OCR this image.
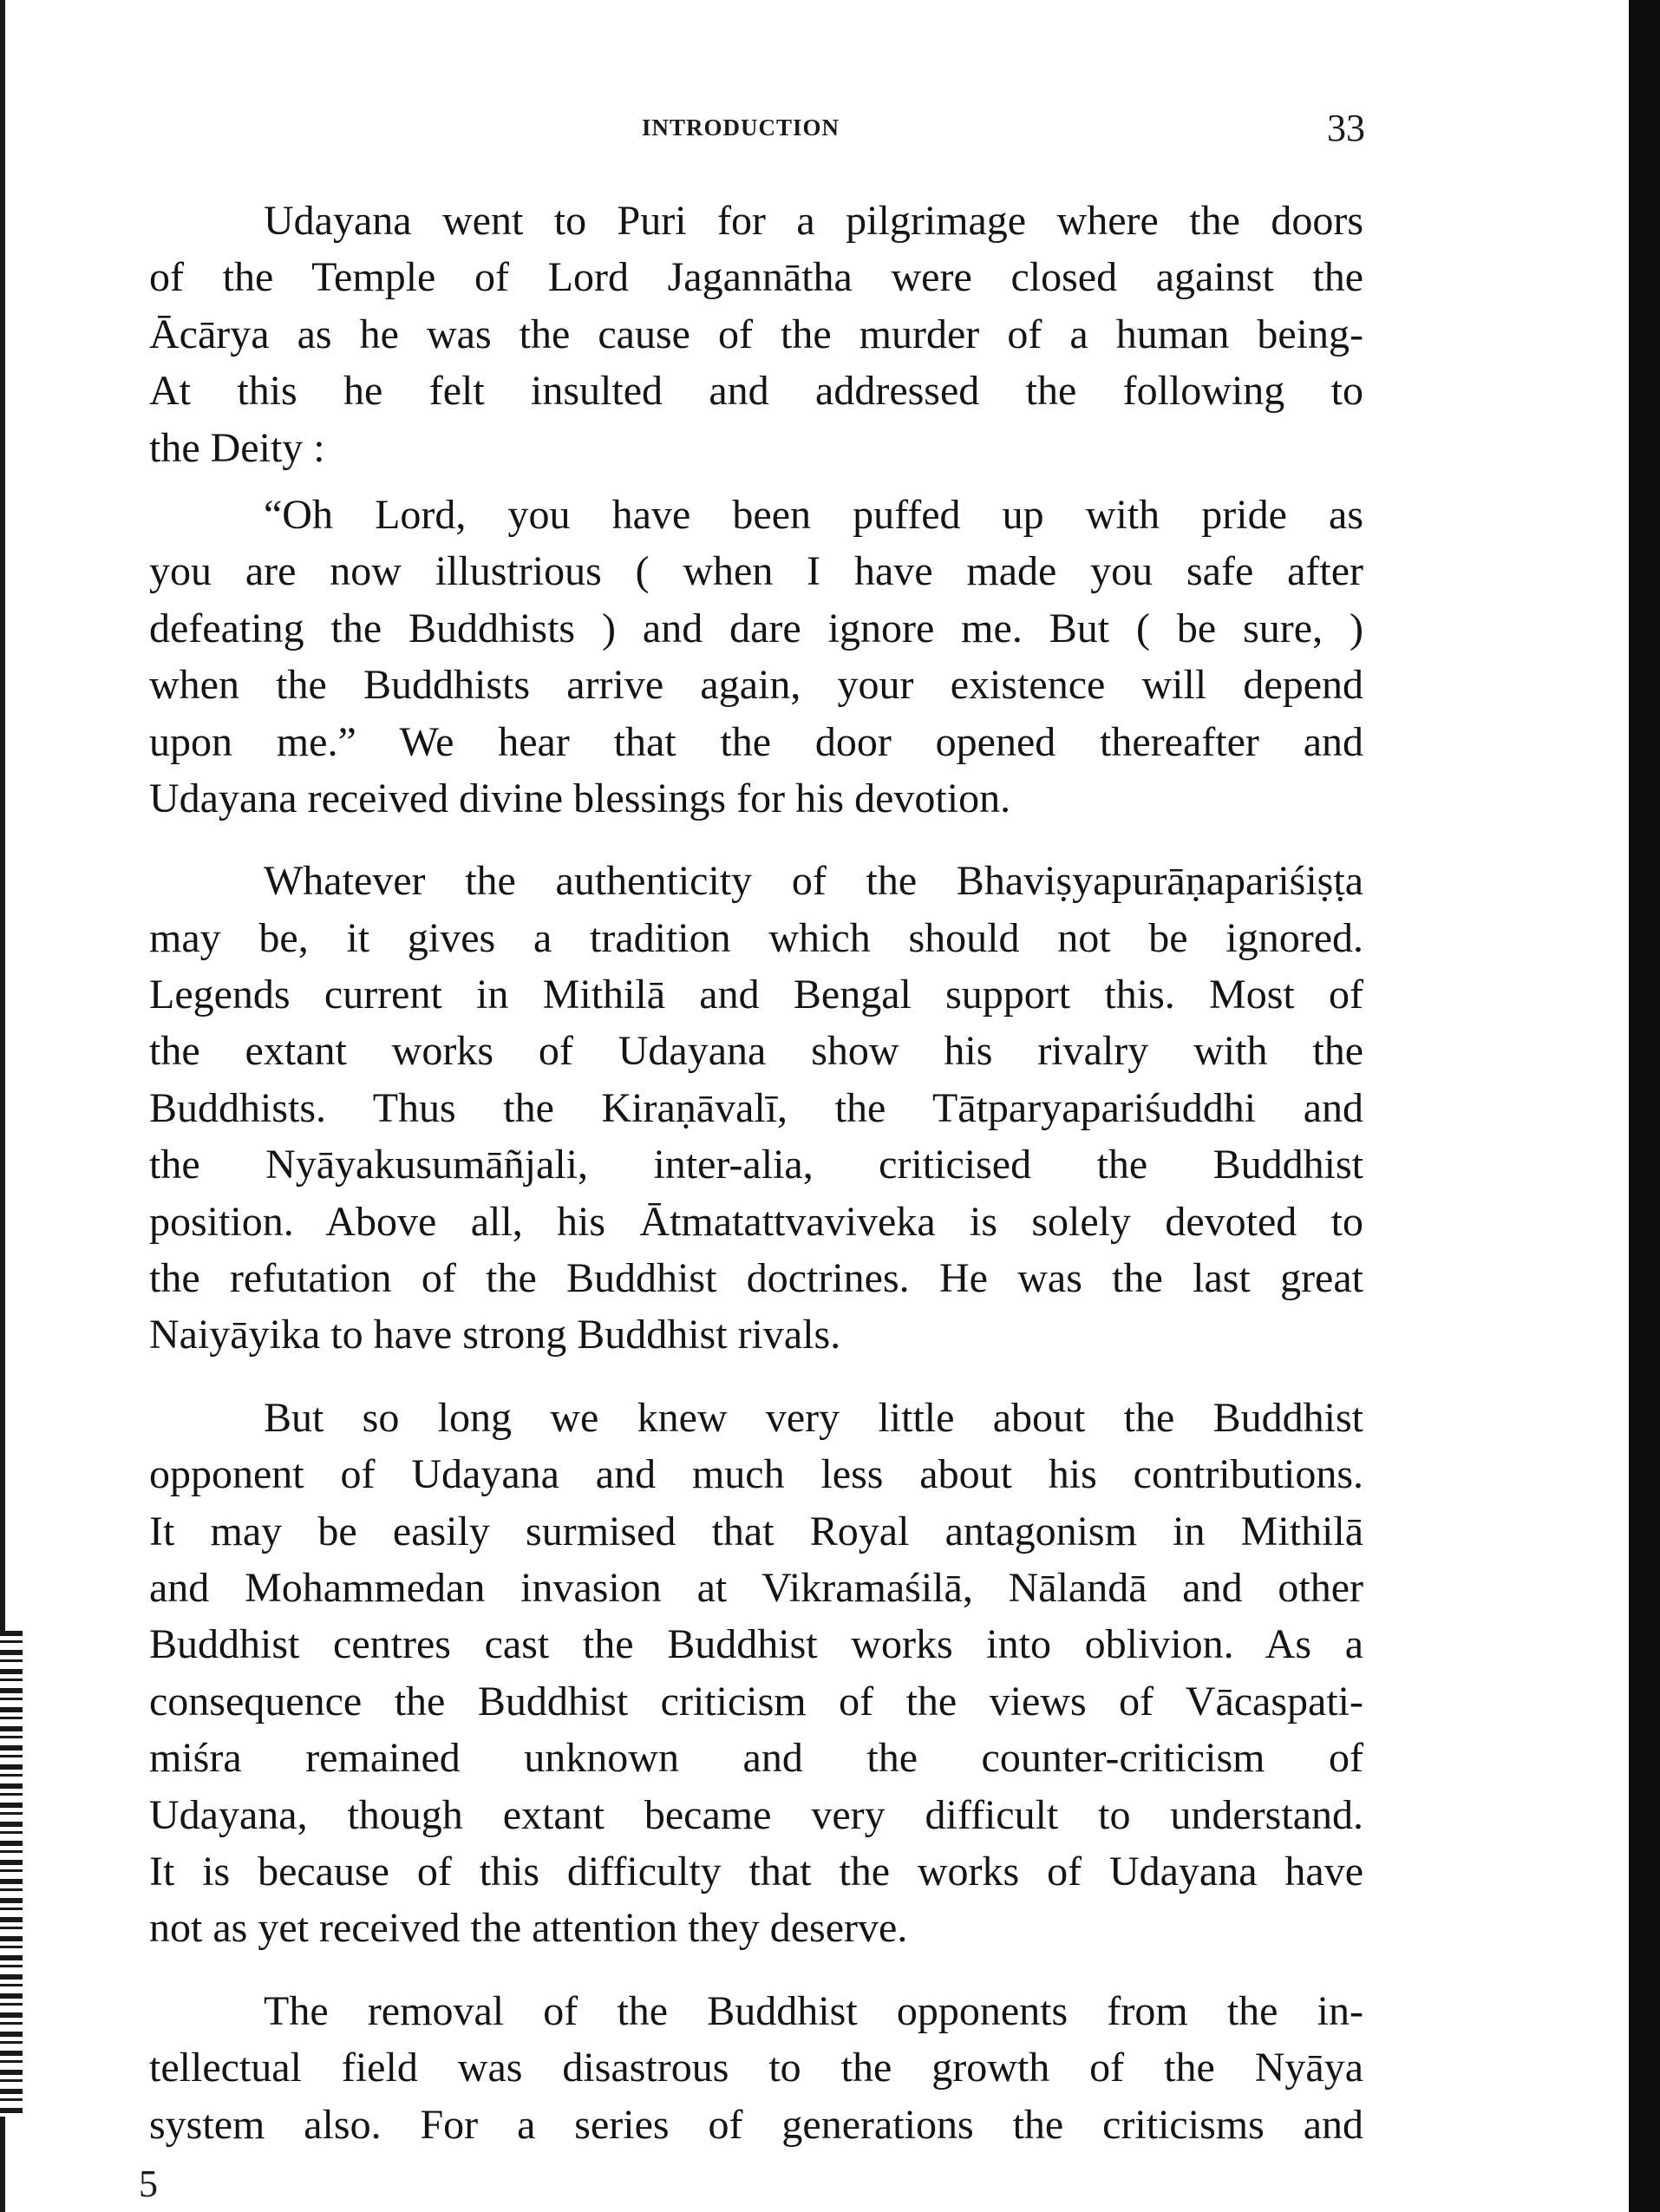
INTRODUCTION	33
Udayana went to Puri for a pilgrimage where the doors
of the Temple of Lord Jagannātha were closed against the
Ācārya as he was the cause of the murder of a human being-
At this he felt insulted and addressed the following to
the Deity :
“Oh Lord, you have been puffed up with pride as
you are now illustrious ( when I have made you safe after
defeating the Buddhists ) and dare ignore me. But ( be sure, )
when the Buddhists arrive again, your existence will depend
upon me.” We hear that the door opened thereafter and
Udayana received divine blessings for his devotion.
Whatever the authenticity of the Bhaviṣyapurāṇapariśiṣṭa
may be, it gives a tradition which should not be ignored.
Legends current in Mithilā and Bengal support this. Most of
the extant works of Udayana show his rivalry with the
Buddhists. Thus the Kiraṇāvalī, the Tātparyapariśuddhi and
the Nyāyakusumāñjali, inter-alia, criticised the Buddhist
position. Above all, his Ātmatattvaviveka is solely devoted to
the refutation of the Buddhist doctrines. He was the last great
Naiyāyika to have strong Buddhist rivals.
But so long we knew very little about the Buddhist
opponent of Udayana and much less about his contributions.
It may be easily surmised that Royal antagonism in Mithilā
and Mohammedan invasion at Vikramaśilā, Nālandā and other
Buddhist centres cast the Buddhist works into oblivion. As a
consequence the Buddhist criticism of the views of Vācaspati-
miśra remained unknown and the counter-criticism of
Udayana, though extant became very difficult to understand.
It is because of this difficulty that the works of Udayana have
not as yet received the attention they deserve.
The removal of the Buddhist opponents from the in-
tellectual field was disastrous to the growth of the Nyāya
system also. For a series of generations the criticisms and
5
